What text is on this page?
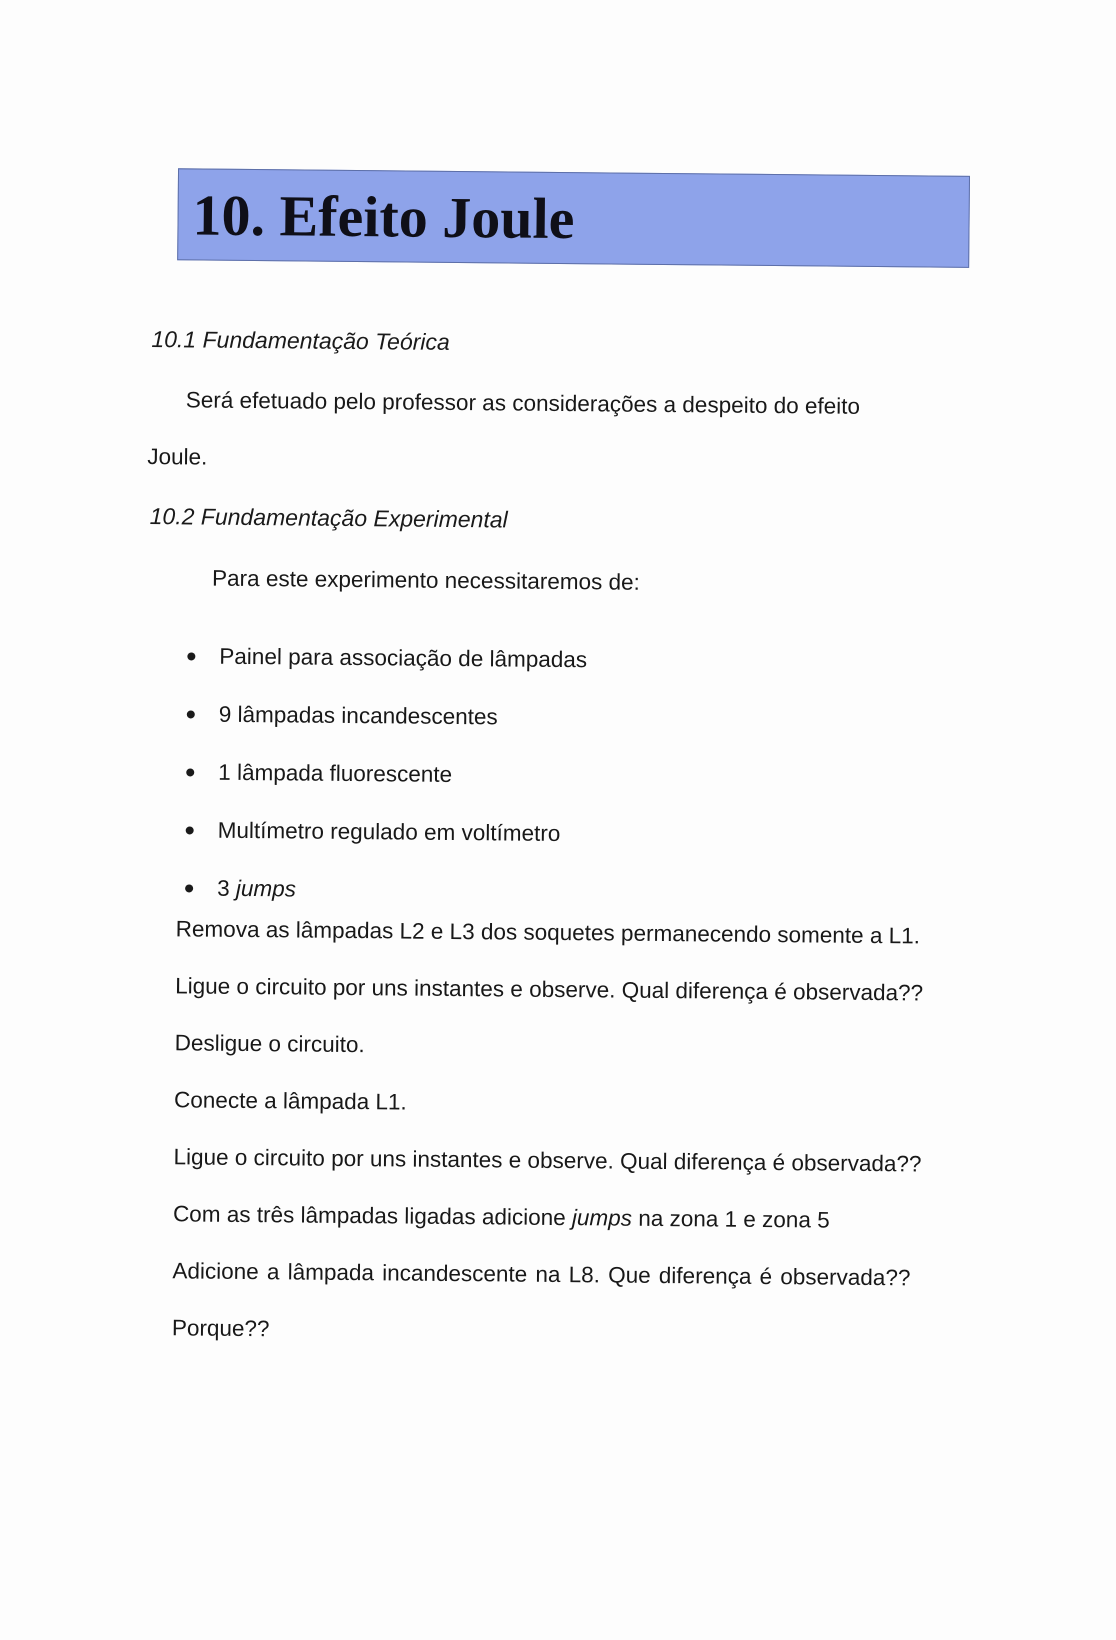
10. Efeito Joule
10.1 Fundamentação Teórica
Será efetuado pelo professor as considerações a despeito do efeito
Joule.
10.2 Fundamentação Experimental
Para este experimento necessitaremos de:
Painel para associação de lâmpadas
9 lâmpadas incandescentes
1 lâmpada fluorescente
Multímetro regulado em voltímetro
3 jumps
Remova as lâmpadas L2 e L3 dos soquetes permanecendo somente a L1.
Ligue o circuito por uns instantes e observe. Qual diferença é observada??
Desligue o circuito.
Conecte a lâmpada L1.
Ligue o circuito por uns instantes e observe. Qual diferença é observada??
Com as três lâmpadas ligadas adicione jumps na zona 1 e zona 5
Adicione a lâmpada incandescente na L8. Que diferença é observada??
Porque??
